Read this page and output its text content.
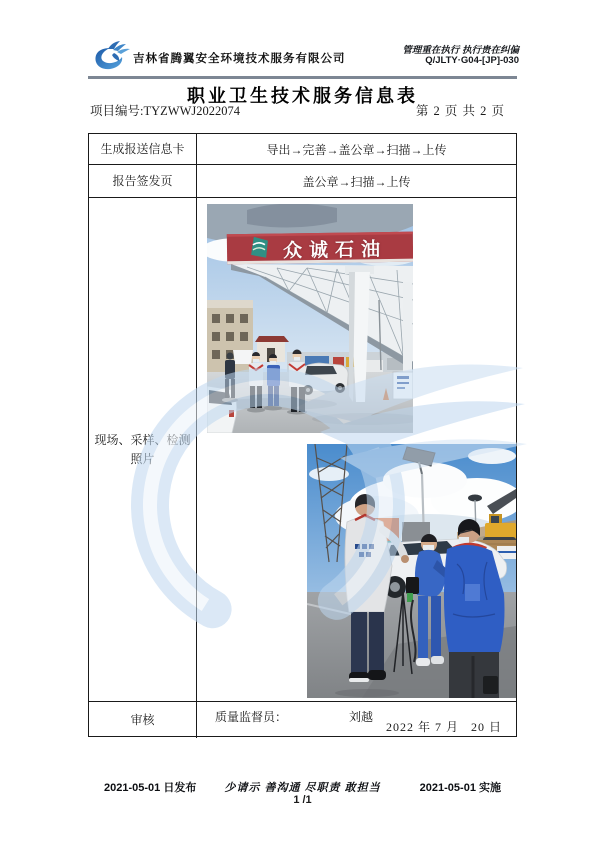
吉林省腾翼安全环境技术服务有限公司
管理重在执行 执行贵在纠偏
Q/JLTY·G04-[JP]-030
职业卫生技术服务信息表
项目编号:TYZWWJ2022074	第 2 页 共 2 页
生成报送信息卡	导出→完善→盖公章→扫描→上传
报告签发页	盖公章→扫描→上传
现场、采样、检测照片
审核	质量监督员：	刘越
2022 年 7 月   20 日
众诚石油
2021-05-01 日发布	少请示 善沟通 尽职责 敢担当	2021-05-01 实施
1 /1
